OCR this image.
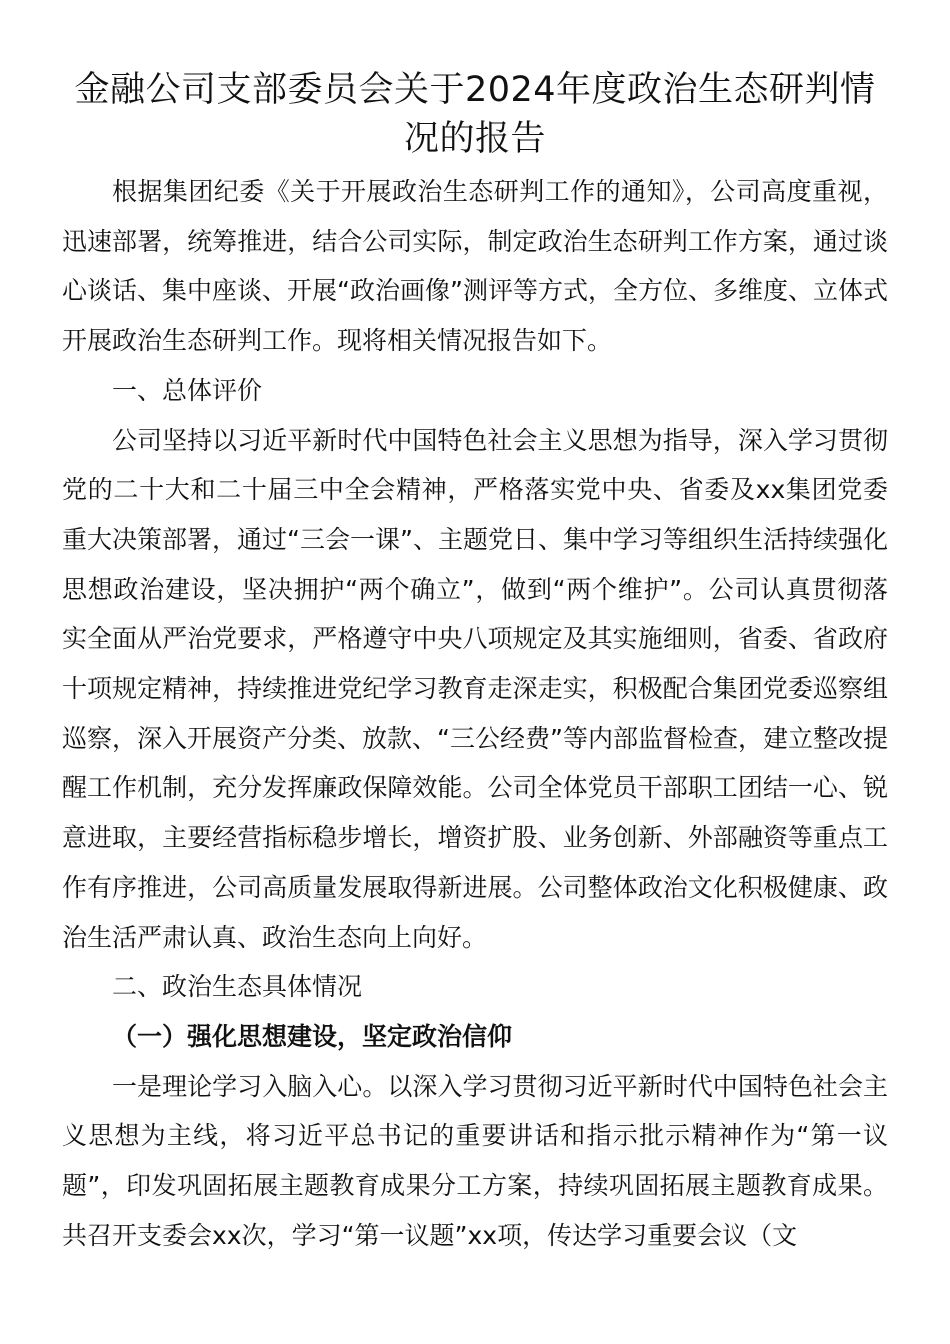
金融公司支部委员会关于2024年度政治生态研判情况的报告

根据集团纪委《关于开展政治生态研判工作的通知》，公司高度重视，迅速部署，统筹推进，结合公司实际，制定政治生态研判工作方案，通过谈心谈话、集中座谈、开展“政治画像”测评等方式，全方位、多维度、立体式开展政治生态研判工作。现将相关情况报告如下。

一、总体评价

公司坚持以习近平新时代中国特色社会主义思想为指导，深入学习贯彻党的二十大和二十届三中全会精神，严格落实党中央、省委及xx集团党委重大决策部署，通过“三会一课”、主题党日、集中学习等组织生活持续强化思想政治建设，坚决拥护“两个确立”，做到“两个维护”。公司认真贯彻落实全面从严治党要求，严格遵守中央八项规定及其实施细则，省委、省政府十项规定精神，持续推进党纪学习教育走深走实，积极配合集团党委巡察组巡察，深入开展资产分类、放款、“三公经费”等内部监督检查，建立整改提醒工作机制，充分发挥廉政保障效能。公司全体党员干部职工团结一心、锐意进取，主要经营指标稳步增长，增资扩股、业务创新、外部融资等重点工作有序推进，公司高质量发展取得新进展。公司整体政治文化积极健康、政治生活严肃认真、政治生态向上向好。

二、政治生态具体情况

（一）强化思想建设，坚定政治信仰

一是理论学习入脑入心。以深入学习贯彻习近平新时代中国特色社会主义思想为主线，将习近平总书记的重要讲话和指示批示精神作为“第一议题”，印发巩固拓展主题教育成果分工方案，持续巩固拓展主题教育成果。共召开支委会xx次，学习“第一议题”xx项，传达学习重要会议（文
